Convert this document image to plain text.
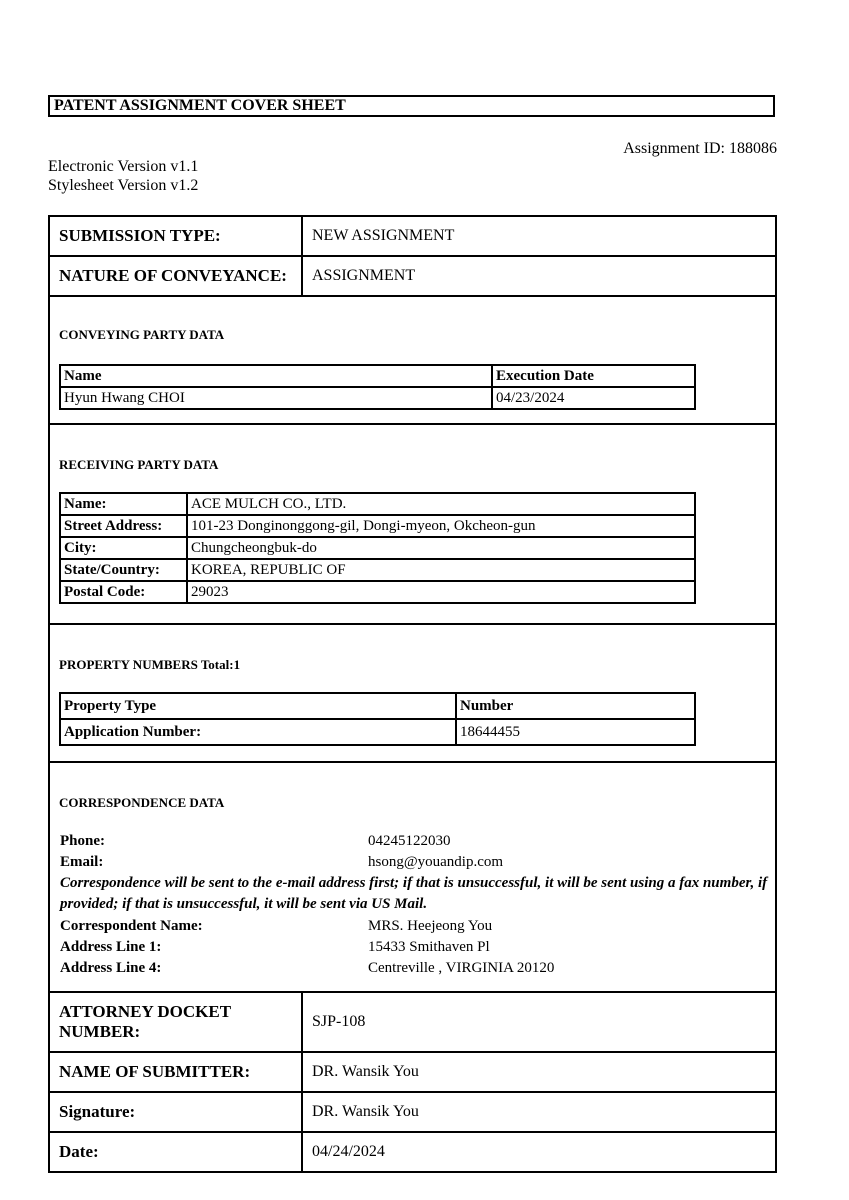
PATENT ASSIGNMENT COVER SHEET
Assignment ID: 188086
Electronic Version v1.1
Stylesheet Version v1.2
SUBMISSION TYPE:	NEW ASSIGNMENT
NATURE OF CONVEYANCE:	ASSIGNMENT
CONVEYING PARTY DATA
Name	Execution Date
Hyun Hwang CHOI	04/23/2024
RECEIVING PARTY DATA
Name:	ACE MULCH CO., LTD.
Street Address:	101-23 Donginonggong-gil, Dongi-myeon, Okcheon-gun
City:	Chungcheongbuk-do
State/Country:	KOREA, REPUBLIC OF
Postal Code:	29023
PROPERTY NUMBERS Total:1
Property Type	Number
Application Number:	18644455
CORRESPONDENCE DATA
Phone:	04245122030
Email:	hsong@youandip.com
Correspondence will be sent to the e-mail address first; if that is unsuccessful, it will be sent using a fax number, if provided; if that is unsuccessful, it will be sent via US Mail.
Correspondent Name:	MRS. Heejeong You
Address Line 1:	15433 Smithaven Pl
Address Line 4:	Centreville , VIRGINIA 20120
ATTORNEY DOCKET NUMBER:
SJP-108
NAME OF SUBMITTER:	DR. Wansik You
Signature:	DR. Wansik You
Date:	04/24/2024
